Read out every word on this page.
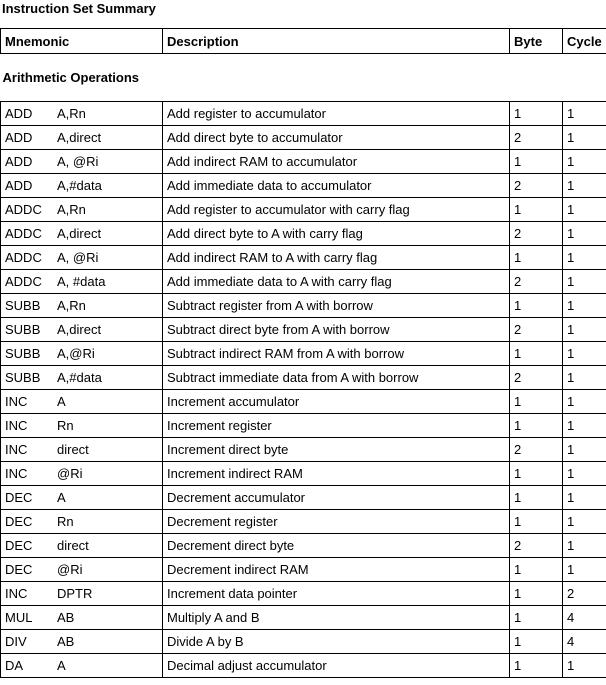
Instruction Set Summary
Mnemonic	Description	Byte	Cycle
Arithmetic Operations			
ADD A,Rn	Add register to accumulator	1	1
ADD A,direct	Add direct byte to accumulator	2	1
ADD A, @Ri	Add indirect RAM to accumulator	1	1
ADD A,#data	Add immediate data to accumulator	2	1
ADDC A,Rn	Add register to accumulator with carry flag	1	1
ADDC A,direct	Add direct byte to A with carry flag	2	1
ADDC A, @Ri	Add indirect RAM to A with carry flag	1	1
ADDC A, #data	Add immediate data to A with carry flag	2	1
SUBB A,Rn	Subtract register from A with borrow	1	1
SUBB A,direct	Subtract direct byte from A with borrow	2	1
SUBB A,@Ri	Subtract indirect RAM from A with borrow	1	1
SUBB A,#data	Subtract immediate data from A with borrow	2	1
INC A	Increment accumulator	1	1
INC Rn	Increment register	1	1
INC direct	Increment direct byte	2	1
INC @Ri	Increment indirect RAM	1	1
DEC A	Decrement accumulator	1	1
DEC Rn	Decrement register	1	1
DEC direct	Decrement direct byte	2	1
DEC @Ri	Decrement indirect RAM	1	1
INC DPTR	Increment data pointer	1	2
MUL AB	Multiply A and B	1	4
DIV AB	Divide A by B	1	4
DA A	Decimal adjust accumulator	1	1
